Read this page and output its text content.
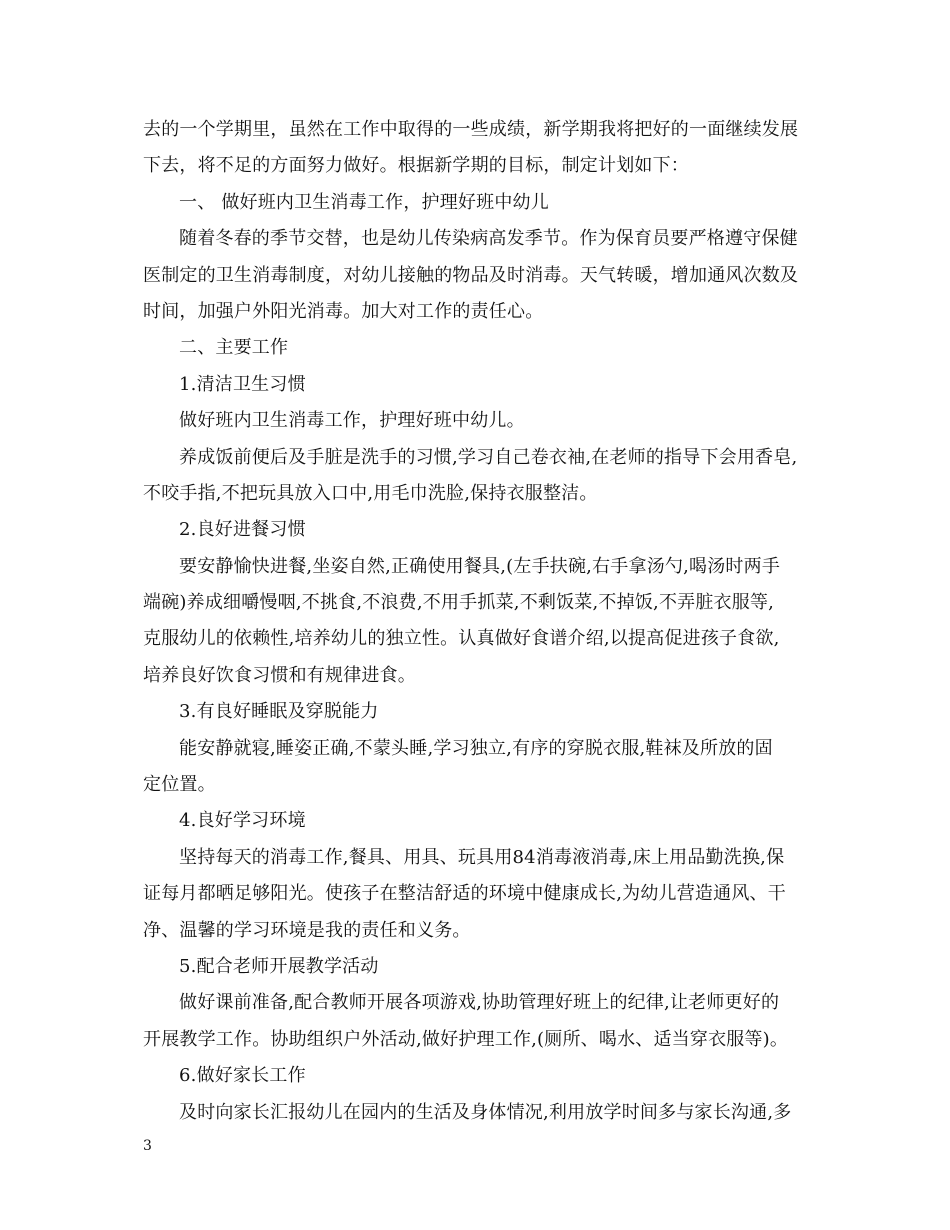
去的一个学期里，虽然在工作中取得的一些成绩，新学期我将把好的一面继续发展
下去，将不足的方面努力做好。根据新学期的目标，制定计划如下：
一、 做好班内卫生消毒工作，护理好班中幼儿
随着冬春的季节交替，也是幼儿传染病高发季节。作为保育员要严格遵守保健
医制定的卫生消毒制度，对幼儿接触的物品及时消毒。天气转暖，增加通风次数及
时间，加强户外阳光消毒。加大对工作的责任心。
二、主要工作
1.清洁卫生习惯
做好班内卫生消毒工作，护理好班中幼儿。
养成饭前便后及手脏是洗手的习惯,学习自己卷衣袖,在老师的指导下会用香皂,
不咬手指,不把玩具放入口中,用毛巾洗脸,保持衣服整洁。
2.良好进餐习惯
要安静愉快进餐,坐姿自然,正确使用餐具,(左手扶碗,右手拿汤勺,喝汤时两手
端碗)养成细嚼慢咽,不挑食,不浪费,不用手抓菜,不剩饭菜,不掉饭,不弄脏衣服等,
克服幼儿的依赖性,培养幼儿的独立性。认真做好食谱介绍,以提高促进孩子食欲,
培养良好饮食习惯和有规律进食。
3.有良好睡眠及穿脱能力
能安静就寝,睡姿正确,不蒙头睡,学习独立,有序的穿脱衣服,鞋袜及所放的固
定位置。
4.良好学习环境
坚持每天的消毒工作,餐具、用具、玩具用84消毒液消毒,床上用品勤洗换,保
证每月都晒足够阳光。使孩子在整洁舒适的环境中健康成长,为幼儿营造通风、干
净、温馨的学习环境是我的责任和义务。
5.配合老师开展教学活动
做好课前准备,配合教师开展各项游戏,协助管理好班上的纪律,让老师更好的
开展教学工作。协助组织户外活动,做好护理工作,(厕所、喝水、适当穿衣服等)。
6.做好家长工作
及时向家长汇报幼儿在园内的生活及身体情况,利用放学时间多与家长沟通,多
3
